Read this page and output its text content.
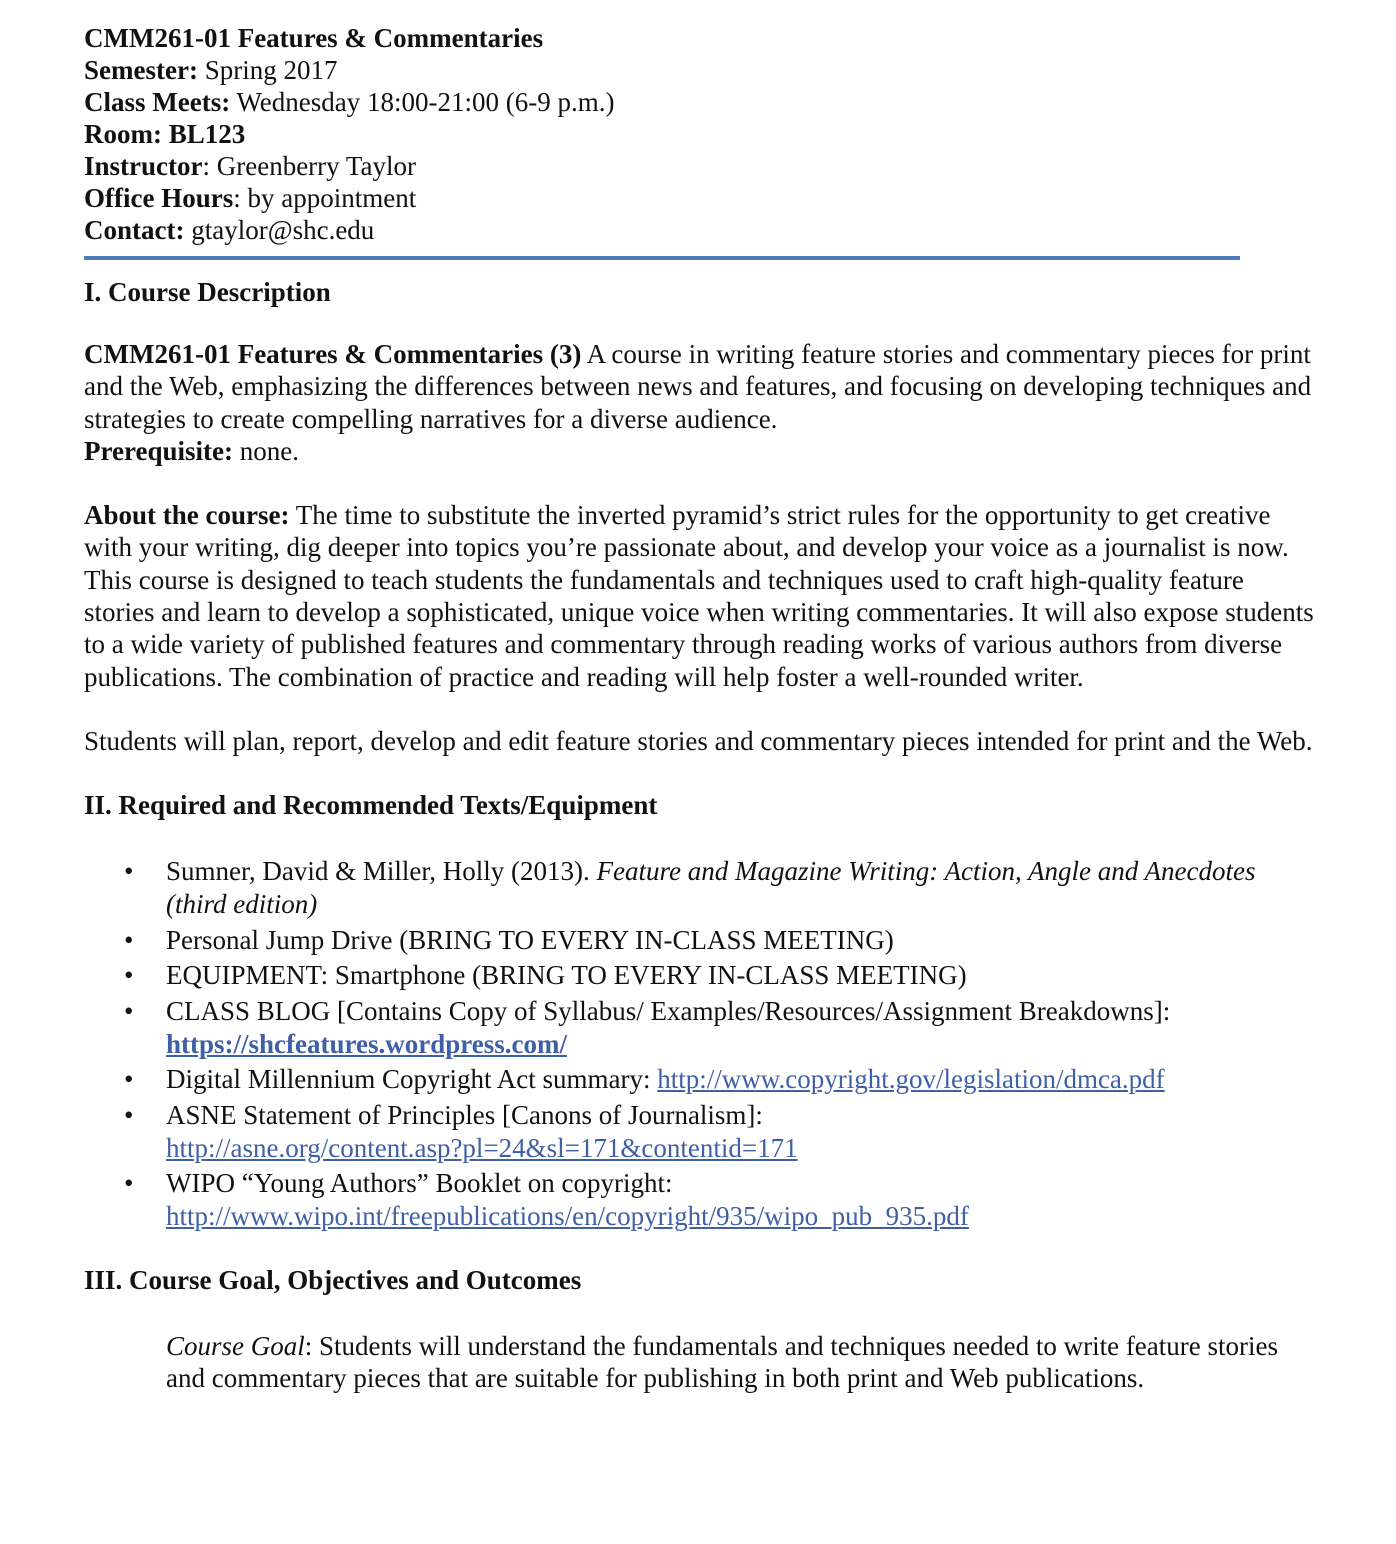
CMM261-01 Features & Commentaries

Semester: Spring 2017

Class Meets: Wednesday 18:00-21:00 (6-9 p.m.)

Room: BL123

Instructor: Greenberry Taylor

Office Hours: by appointment

Contact: gtaylor@shc.edu

I. Course Description

CMM261-01 Features & Commentaries (3) A course in writing feature stories and commentary pieces for print and the Web, emphasizing the differences between news and features, and focusing on developing techniques and strategies to create compelling narratives for a diverse audience.

Prerequisite: none.

About the course: The time to substitute the inverted pyramid’s strict rules for the opportunity to get creative with your writing, dig deeper into topics you’re passionate about, and develop your voice as a journalist is now. This course is designed to teach students the fundamentals and techniques used to craft high-quality feature stories and learn to develop a sophisticated, unique voice when writing commentaries. It will also expose students to a wide variety of published features and commentary through reading works of various authors from diverse publications. The combination of practice and reading will help foster a well-rounded writer.

Students will plan, report, develop and edit feature stories and commentary pieces intended for print and the Web.

II. Required and Recommended Texts/Equipment

• Sumner, David & Miller, Holly (2013). Feature and Magazine Writing: Action, Angle and Anecdotes (third edition)
• Personal Jump Drive (BRING TO EVERY IN-CLASS MEETING)
• EQUIPMENT: Smartphone (BRING TO EVERY IN-CLASS MEETING)
• CLASS BLOG [Contains Copy of Syllabus/ Examples/Resources/Assignment Breakdowns]:
https://shcfeatures.wordpress.com/
• Digital Millennium Copyright Act summary: http://www.copyright.gov/legislation/dmca.pdf
• ASNE Statement of Principles [Canons of Journalism]:
http://asne.org/content.asp?pl=24&sl=171&contentid=171
• WIPO “Young Authors” Booklet on copyright:
http://www.wipo.int/freepublications/en/copyright/935/wipo_pub_935.pdf

III. Course Goal, Objectives and Outcomes

Course Goal: Students will understand the fundamentals and techniques needed to write feature stories and commentary pieces that are suitable for publishing in both print and Web publications.
